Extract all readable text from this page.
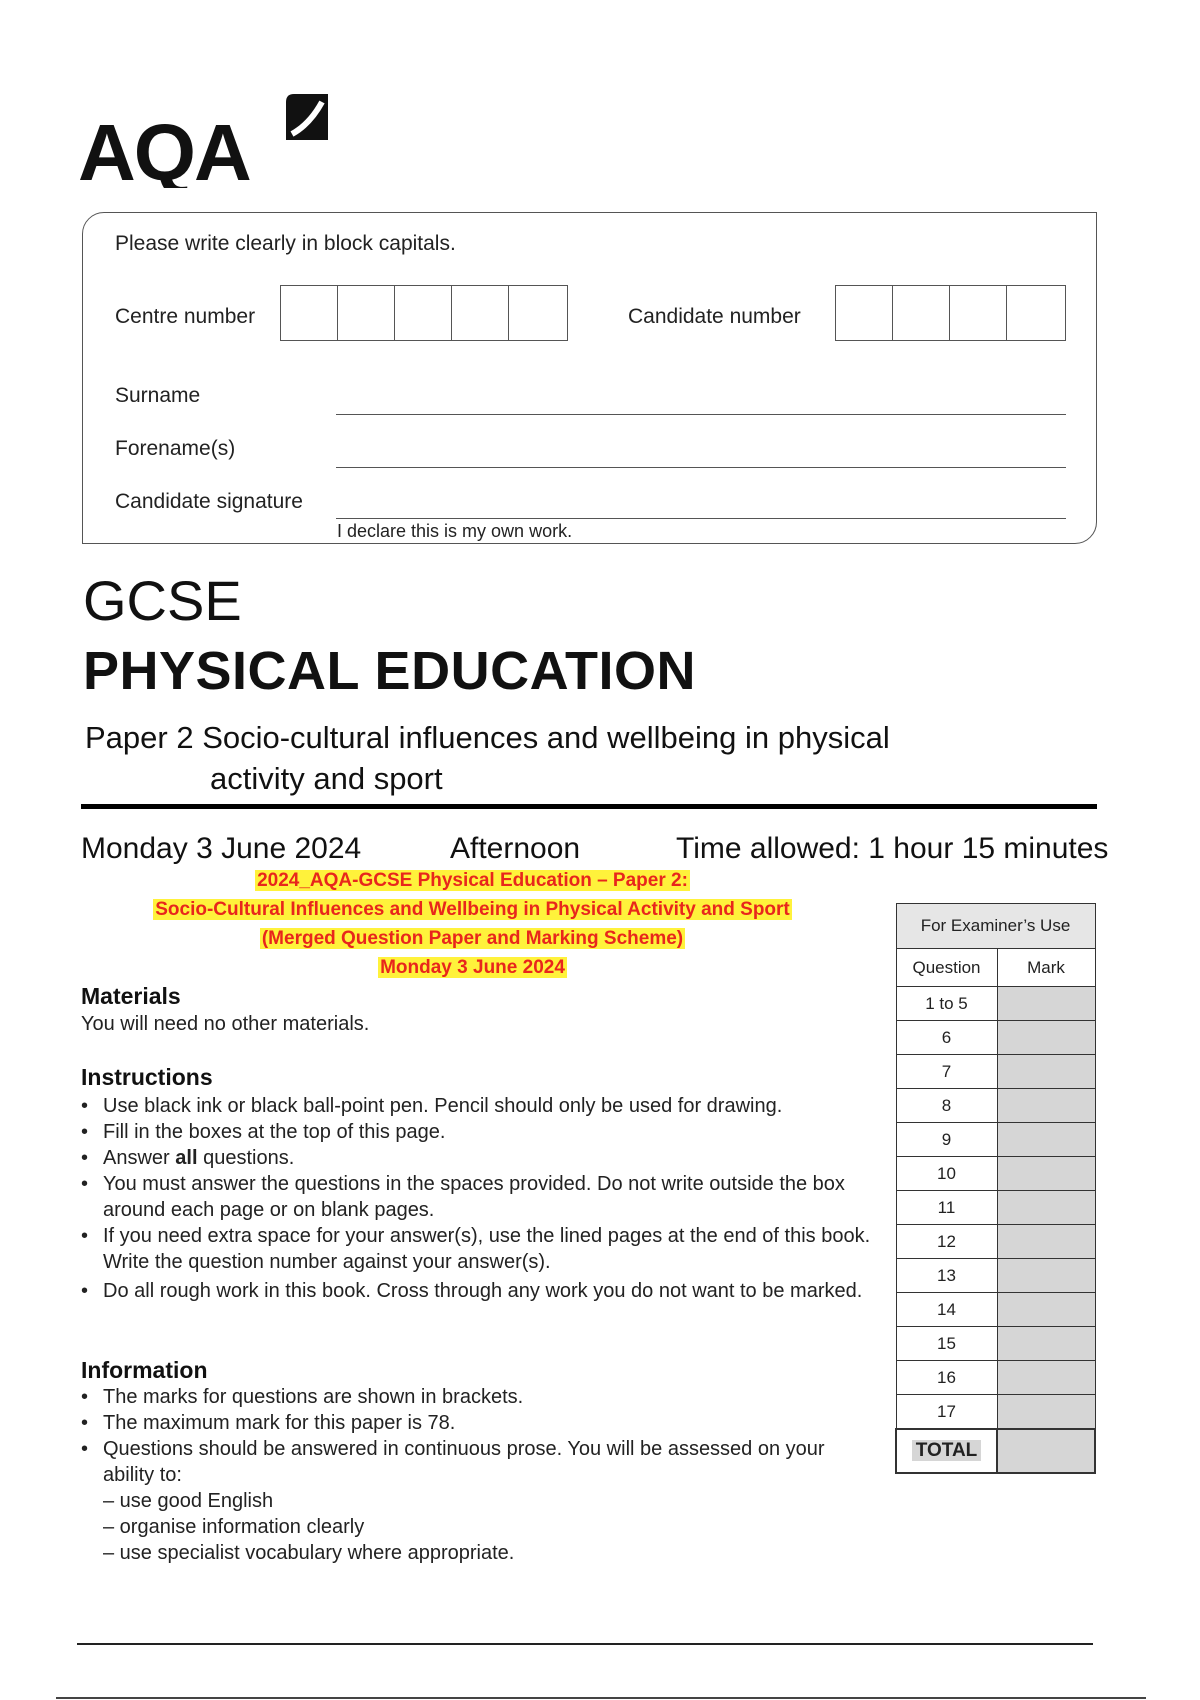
AQA
Please write clearly in block capitals.
Centre number	Candidate number
Surname
Forename(s)
Candidate signature
I declare this is my own work.
GCSE
PHYSICAL EDUCATION
Paper 2 Socio-cultural influences and wellbeing in physical
activity and sport
Monday 3 June 2024	Afternoon	Time allowed: 1 hour 15 minutes
2024_AQA-GCSE Physical Education – Paper 2:
Socio-Cultural Influences and Wellbeing in Physical Activity and Sport
(Merged Question Paper and Marking Scheme)
Monday 3 June 2024
Materials
You will need no other materials.
Instructions
• Use black ink or black ball-point pen. Pencil should only be used for drawing.
• Fill in the boxes at the top of this page.
• Answer all questions.
• You must answer the questions in the spaces provided. Do not write outside the box around each page or on blank pages.
• If you need extra space for your answer(s), use the lined pages at the end of this book. Write the question number against your answer(s).
• Do all rough work in this book. Cross through any work you do not want to be marked.
Information
• The marks for questions are shown in brackets.
• The maximum mark for this paper is 78.
• Questions should be answered in continuous prose. You will be assessed on your ability to:
– use good English
– organise information clearly
– use specialist vocabulary where appropriate.
For Examiner’s Use	
Question	Mark
1 to 5	
6	
7	
8	
9	
10	
11	
12	
13	
14	
15	
16	
17	
TOTAL	
